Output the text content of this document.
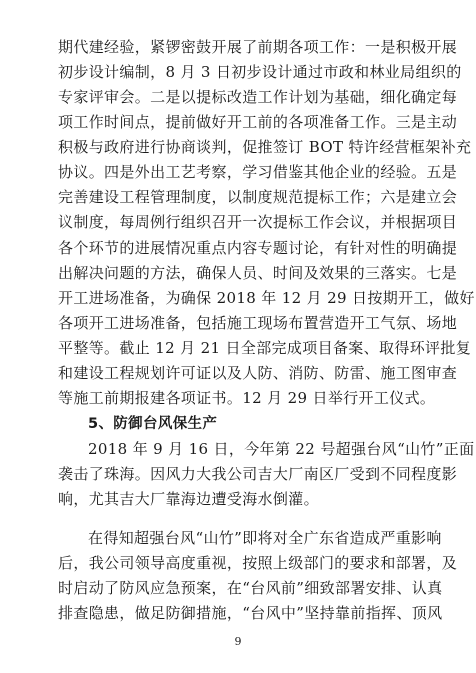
期代建经验，紧锣密鼓开展了前期各项工作：一是积极开展
初步设计编制，8 月 3 日初步设计通过市政和林业局组织的
专家评审会。二是以提标改造工作计划为基础，细化确定每
项工作时间点，提前做好开工前的各项准备工作。三是主动
积极与政府进行协商谈判，促推签订 BOT 特许经营框架补充
协议。四是外出工艺考察，学习借鉴其他企业的经验。五是
完善建设工程管理制度，以制度规范提标工作；六是建立会
议制度，每周例行组织召开一次提标工作会议，并根据项目
各个环节的进展情况重点内容专题讨论，有针对性的明确提
出解决问题的方法，确保人员、时间及效果的三落实。七是
开工进场准备，为确保 2018 年 12 月 29 日按期开工，做好
各项开工进场准备，包括施工现场布置营造开工气氛、场地
平整等。截止 12 月 21 日全部完成项目备案、取得环评批复
和建设工程规划许可证以及人防、消防、防雷、施工图审查
等施工前期报建各项证书。12 月 29 日举行开工仪式。
5、防御台风保生产
2018 年 9 月 16 日，今年第 22 号超强台风“山竹”正面
袭击了珠海。因风力大我公司吉大厂南区厂受到不同程度影
响，尤其吉大厂靠海边遭受海水倒灌。
在得知超强台风“山竹”即将对全广东省造成严重影响
后，我公司领导高度重视，按照上级部门的要求和部署，及
时启动了防风应急预案，在“台风前”细致部署安排、认真
排查隐患，做足防御措施，“台风中”坚持靠前指挥、顶风
9
